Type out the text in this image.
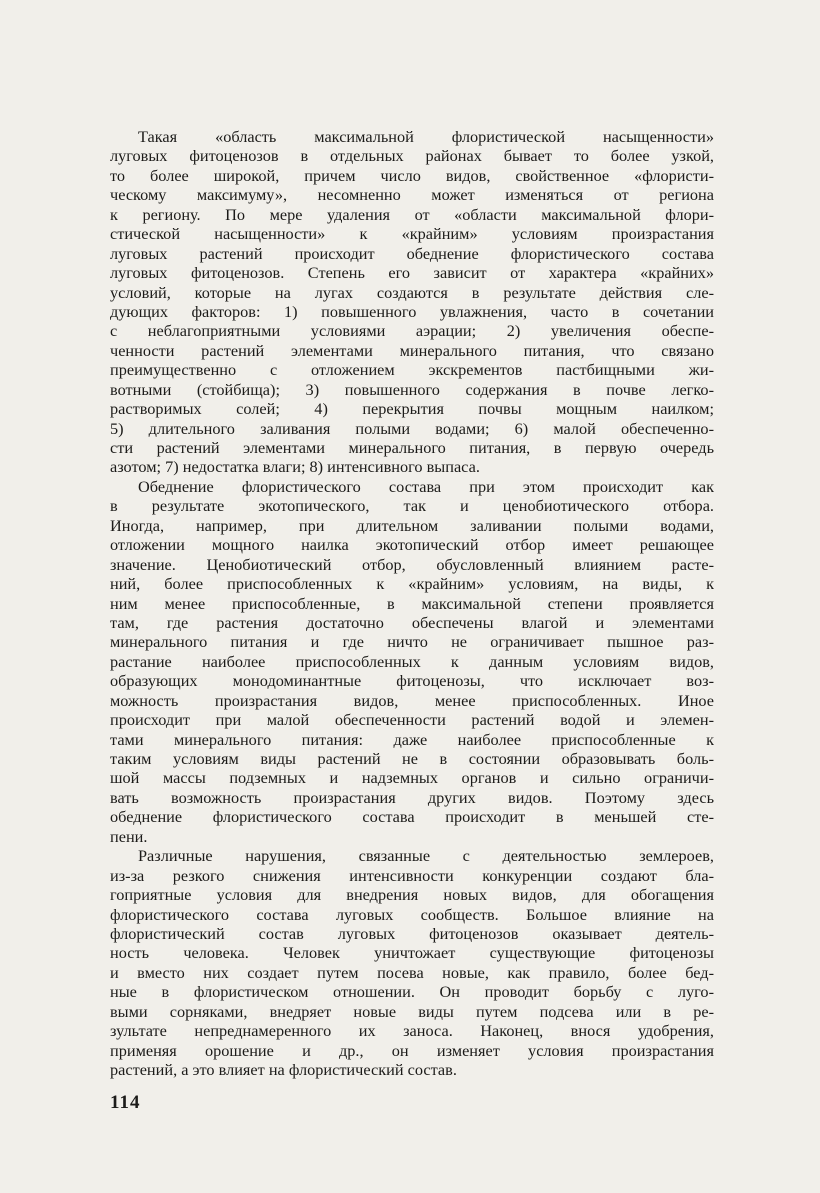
Такая «область максимальной флористической насыщенности»
луговых фитоценозов в отдельных районах бывает то более узкой,
то более широкой, причем число видов, свойственное «флористи-
ческому максимуму», несомненно может изменяться от региона
к региону. По мере удаления от «области максимальной флори-
стической насыщенности» к «крайним» условиям произрастания
луговых растений происходит обеднение флористического состава
луговых фитоценозов. Степень его зависит от характера «крайних»
условий, которые на лугах создаются в результате действия сле-
дующих факторов: 1) повышенного увлажнения, часто в сочетании
с неблагоприятными условиями аэрации; 2) увеличения обеспе-
ченности растений элементами минерального питания, что связано
преимущественно с отложением экскрементов пастбищными жи-
вотными (стойбища); 3) повышенного содержания в почве легко-
растворимых солей; 4) перекрытия почвы мощным наилком;
5) длительного заливания полыми водами; 6) малой обеспеченно-
сти растений элементами минерального питания, в первую очередь
азотом; 7) недостатка влаги; 8) интенсивного выпаса.

Обеднение флористического состава при этом происходит как
в результате экотопического, так и ценобиотического отбора.
Иногда, например, при длительном заливании полыми водами,
отложении мощного наилка экотопический отбор имеет решающее
значение. Ценобиотический отбор, обусловленный влиянием расте-
ний, более приспособленных к «крайним» условиям, на виды, к
ним менее приспособленные, в максимальной степени проявляется
там, где растения достаточно обеспечены влагой и элементами
минерального питания и где ничто не ограничивает пышное раз-
растание наиболее приспособленных к данным условиям видов,
образующих монодоминантные фитоценозы, что исключает воз-
можность произрастания видов, менее приспособленных. Иное
происходит при малой обеспеченности растений водой и элемен-
тами минерального питания: даже наиболее приспособленные к
таким условиям виды растений не в состоянии образовывать боль-
шой массы подземных и надземных органов и сильно ограничи-
вать возможность произрастания других видов. Поэтому здесь
обеднение флористического состава происходит в меньшей сте-
пени.

Различные нарушения, связанные с деятельностью землероев,
из-за резкого снижения интенсивности конкуренции создают бла-
гоприятные условия для внедрения новых видов, для обогащения
флористического состава луговых сообществ. Большое влияние на
флористический состав луговых фитоценозов оказывает деятель-
ность человека. Человек уничтожает существующие фитоценозы
и вместо них создает путем посева новые, как правило, более бед-
ные в флористическом отношении. Он проводит борьбу с луго-
выми сорняками, внедряет новые виды путем подсева или в ре-
зультате непреднамеренного их заноса. Наконец, внося удобрения,
применяя орошение и др., он изменяет условия произрастания
растений, а это влияет на флористический состав.

114
